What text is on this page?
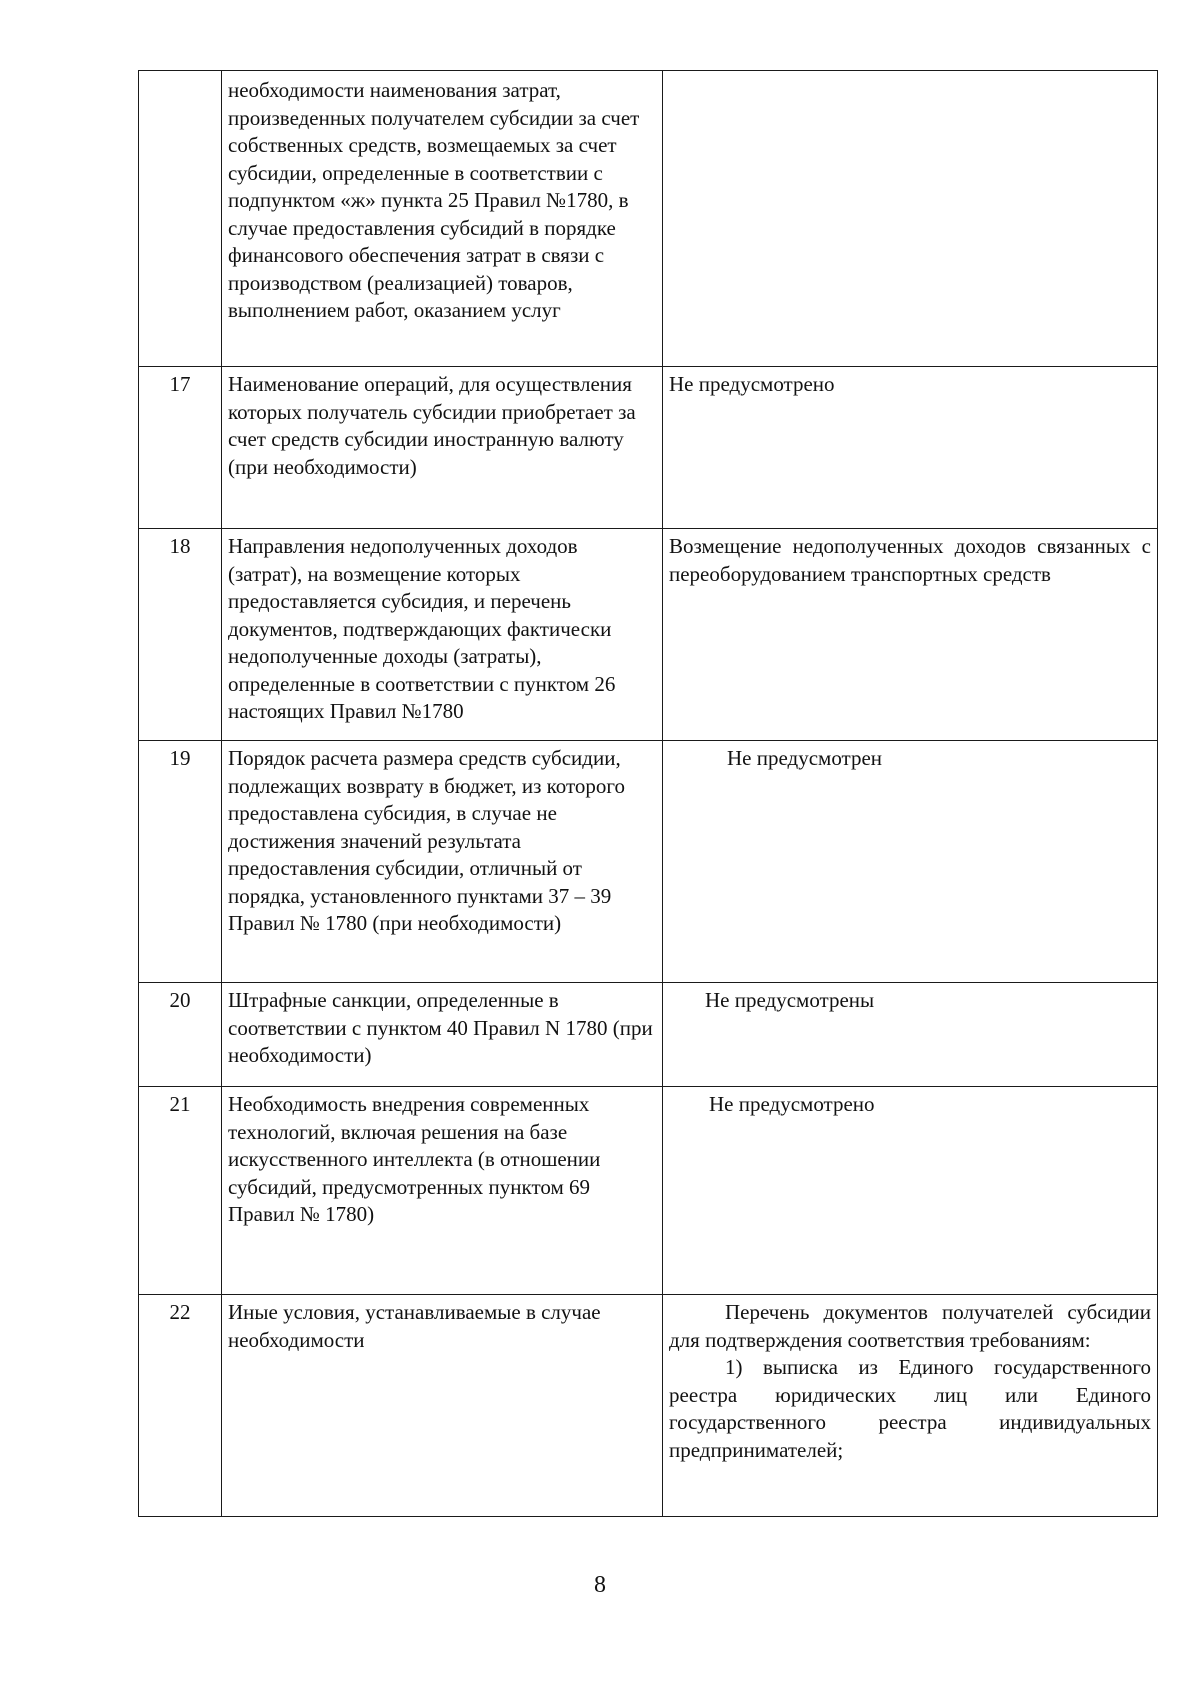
	необходимости наименования затрат, произведенных получателем субсидии за счет собственных средств, возмещаемых за счет субсидии, определенные в соответствии с подпунктом «ж» пункта 25 Правил №1780, в случае предоставления субсидий в порядке финансового обеспечения затрат в связи с производством (реализацией) товаров, выполнением работ, оказанием услуг	
17	Наименование операций, для осуществления которых получатель субсидии приобретает за счет средств субсидии иностранную валюту (при необходимости)	Не предусмотрено
18	Направления недополученных доходов (затрат), на возмещение которых предоставляется субсидия, и перечень документов, подтверждающих фактически недополученные доходы (затраты), определенные в соответствии с пунктом 26 настоящих Правил №1780	Возмещение недополученных доходов связанных с переоборудованием транспортных средств
19	Порядок расчета размера средств субсидии, подлежащих возврату в бюджет, из которого предоставлена субсидия, в случае не достижения значений результата предоставления субсидии, отличный от порядка, установленного пунктами 37 – 39 Правил № 1780 (при необходимости)	Не предусмотрен

20	Штрафные санкции, определенные в соответствии с пунктом 40 Правил N 1780 (при необходимости)	Не предусмотрены

21	Необходимость внедрения современных технологий, включая решения на базе искусственного интеллекта (в отношении субсидий, предусмотренных пунктом 69 Правил № 1780)	Не предусмотрено

22	Иные условия, устанавливаемые в случае необходимости	Перечень документов получателей субсидии для подтверждения соответствия требованиям:
1) выписка из Единого государственного реестра юридических лиц или Единого государственного реестра индивидуальных предпринимателей;
8
